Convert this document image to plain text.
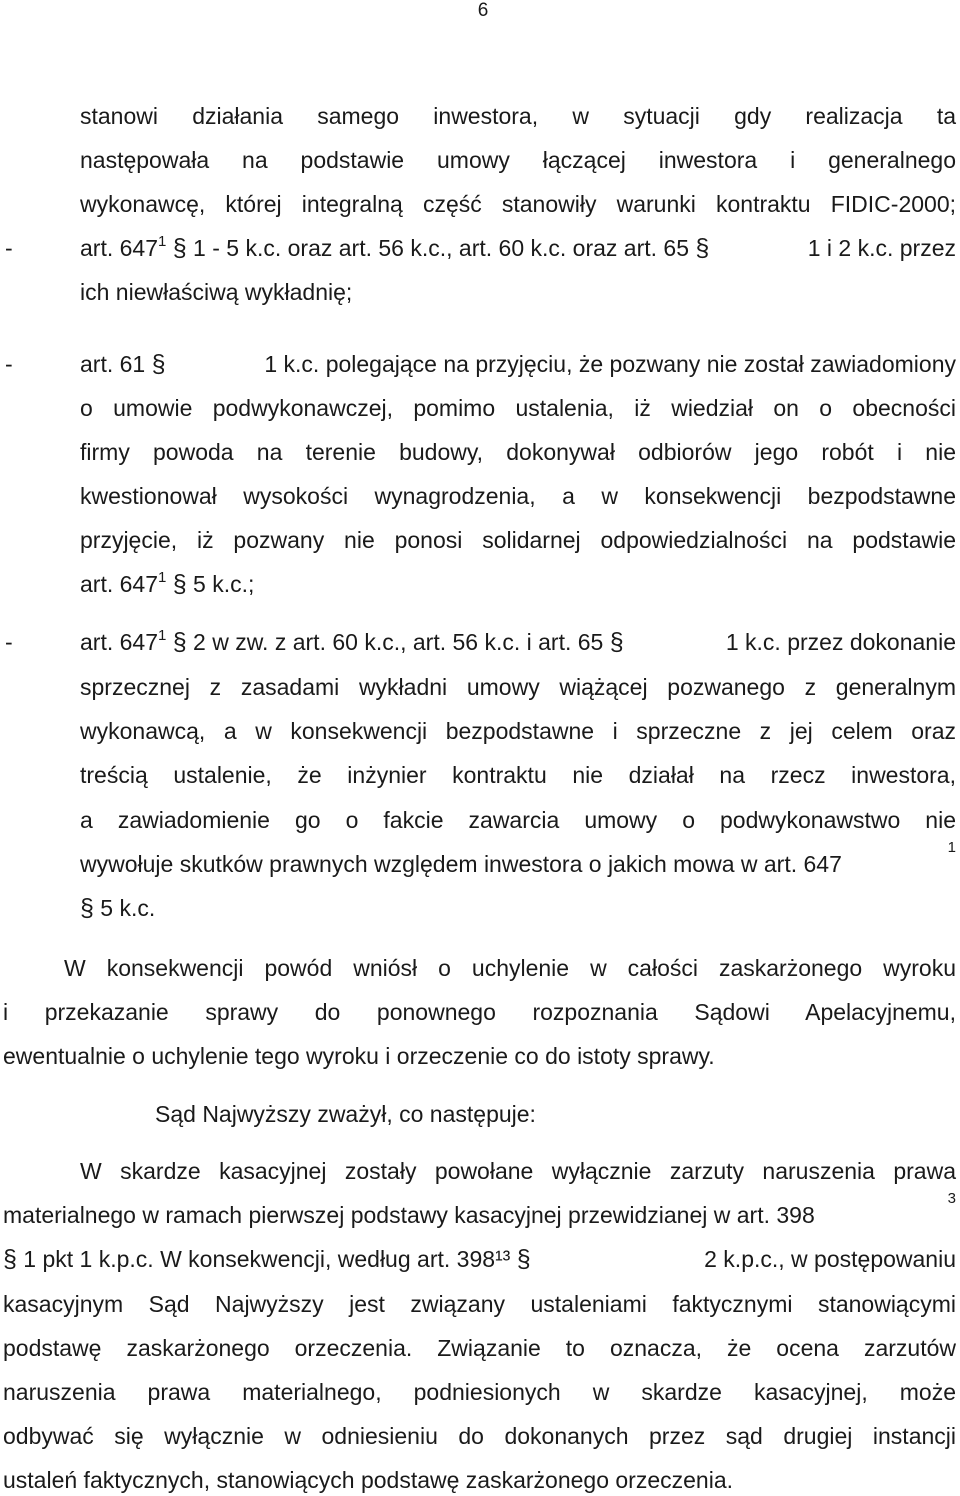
6
stanowi działania samego inwestora, w sytuacji gdy realizacja ta
następowała na podstawie umowy łączącej inwestora i generalnego
wykonawcę, której integralną część stanowiły warunki kontraktu FIDIC-2000;
-	art. $647^1$ § 1 - 5 k.c. oraz art. 56 k.c., art. 60 k.c. oraz art. 65 §	1 i 2 k.c. przez
ich niewłaściwą wykładnię;
-	art. 61 §	1 k.c. polegające na przyjęciu, że pozwany nie został zawiadomiony
o umowie podwykonawczej, pomimo ustalenia, iż wiedział on o obecności
firmy powoda na terenie budowy, dokonywał odbiorów jego robót i nie
kwestionował wysokości wynagrodzenia, a w konsekwencji bezpodstawne
przyjęcie, iż pozwany nie ponosi solidarnej odpowiedzialności na podstawie
art. $647^1$ § 5 k.c.;
-	art. $647^1$ § 2 w zw. z art. 60 k.c., art. 56 k.c. i art. 65 §	1 k.c. przez dokonanie
sprzecznej z zasadami wykładni umowy wiążącej pozwanego z generalnym
wykonawcą, a w konsekwencji bezpodstawne i sprzeczne z jej celem oraz
treścią ustalenie, że inżynier kontraktu nie działał na rzecz inwestora,
a zawiadomienie go o fakcie zawarcia umowy o podwykonawstwo nie
wywołuje skutków prawnych względem inwestora o jakich mowa w art. 647
$^1$
§ 5 k.c.
W konsekwencji powód wniósł o uchylenie w całości zaskarżonego wyroku
i przekazanie sprawy do ponownego rozpoznania Sądowi Apelacyjnemu,
ewentualnie o uchylenie tego wyroku i orzeczenie co do istoty sprawy.
Sąd Najwyższy zważył, co następuje:
W skardze kasacyjnej zostały powołane wyłącznie zarzuty naruszenia prawa
materialnego w ramach pierwszej podstawy kasacyjnej przewidzianej w art. 398
$^3$
§ 1 pkt 1 k.p.c. W konsekwencji, według art. 398¹³ §	2 k.p.c., w postępowaniu
kasacyjnym Sąd Najwyższy jest związany ustaleniami faktycznymi stanowiącymi
podstawę zaskarżonego orzeczenia. Związanie to oznacza, że ocena zarzutów
naruszenia prawa materialnego, podniesionych w skardze kasacyjnej, może
odbywać się wyłącznie w odniesieniu do dokonanych przez sąd drugiej instancji
ustaleń faktycznych, stanowiących podstawę zaskarżonego orzeczenia.
